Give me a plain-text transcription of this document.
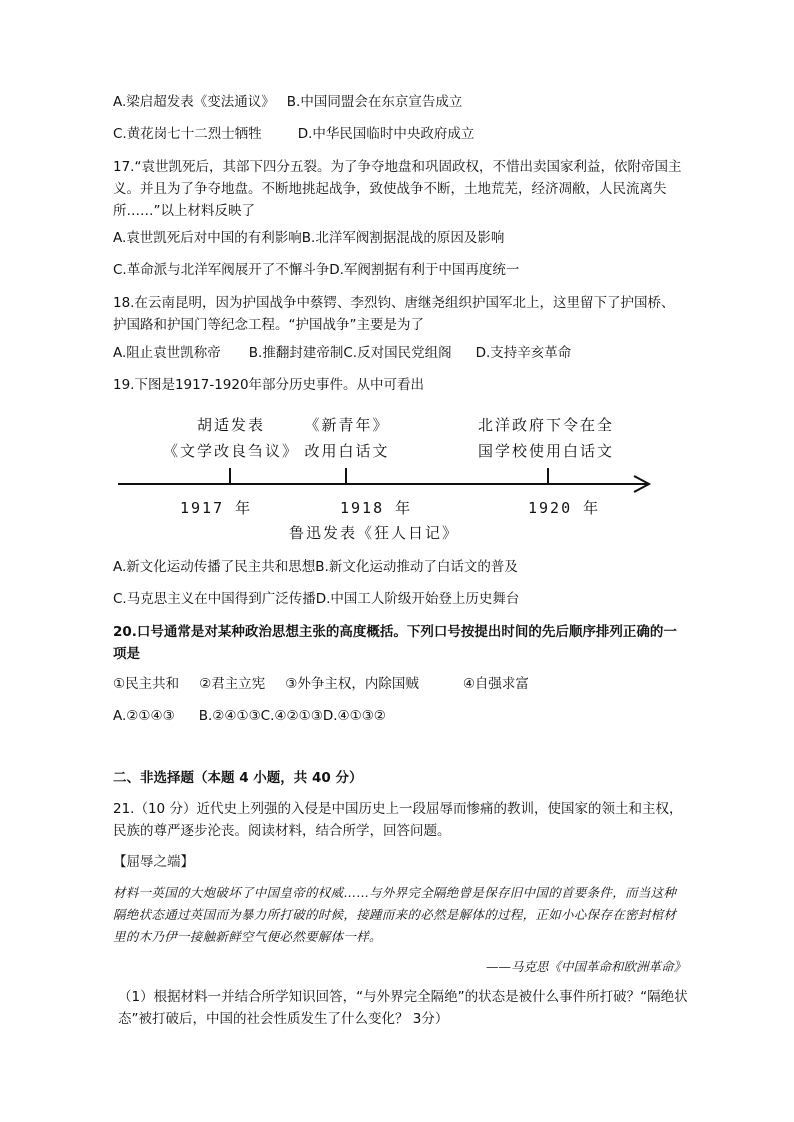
A.梁启超发表《变法通议》 B.中国同盟会在东京宣告成立
C.黄花岗七十二烈士牺牲	D.中华民国临时中央政府成立
17.“袁世凯死后，其部下四分五裂。为了争夺地盘和巩固政权，不惜出卖国家利益，依附帝国主义。并且为了争夺地盘。不断地挑起战争，致使战争不断，土地荒芜，经济凋敝，人民流离失所……”以上材料反映了
A.袁世凯死后对中国的有利影响B.北洋军阀割据混战的原因及影响
C.革命派与北洋军阀展开了不懈斗争D.军阀割据有利于中国再度统一
18.在云南昆明，因为护国战争中蔡锷、李烈钧、唐继尧组织护国军北上，这里留下了护国桥、护国路和护国门等纪念工程。“护国战争”主要是为了
A.阻止袁世凯称帝 B.推翻封建帝制C.反对国民党组阁 D.支持辛亥革命
19.下图是1917-1920年部分历史事件。从中可看出
胡适发表
《文学改良刍议》
《新青年》
改用白话文
北洋政府下令在全
国学校使用白话文
1917 年	1918 年	1920 年
鲁迅发表《狂人日记》
A.新文化运动传播了民主共和思想B.新文化运动推动了白话文的普及
C.马克思主义在中国得到广泛传播D.中国工人阶级开始登上历史舞台
20.口号通常是对某种政治思想主张的高度概括。下列口号按提出时间的先后顺序排列正确的一项是
①民主共和 ②君主立宪 ③外争主权，内除国贼	④自强求富
A.②①④③ B.②④①③C.④②①③D.④①③②
二、非选择题（本题 4 小题，共 40 分）
21.（10 分）近代史上列强的入侵是中国历史上一段屈辱而惨痛的教训，使国家的领土和主权，民族的尊严逐步沦丧。阅读材料，结合所学，回答问题。
【屈辱之端】
材料一英国的大炮破坏了中国皇帝的权威……与外界完全隔绝曾是保存旧中国的首要条件，而当这种隔绝状态通过英国而为暴力所打破的时候，接踵而来的必然是解体的过程，正如小心保存在密封棺材里的木乃伊一接触新鲜空气便必然要解体一样。
——马克思《中国革命和欧洲革命》
（1）根据材料一并结合所学知识回答，“与外界完全隔绝”的状态是被什么事件所打破？“隔绝状态”被打破后，中国的社会性质发生了什么变化？ 3分）
